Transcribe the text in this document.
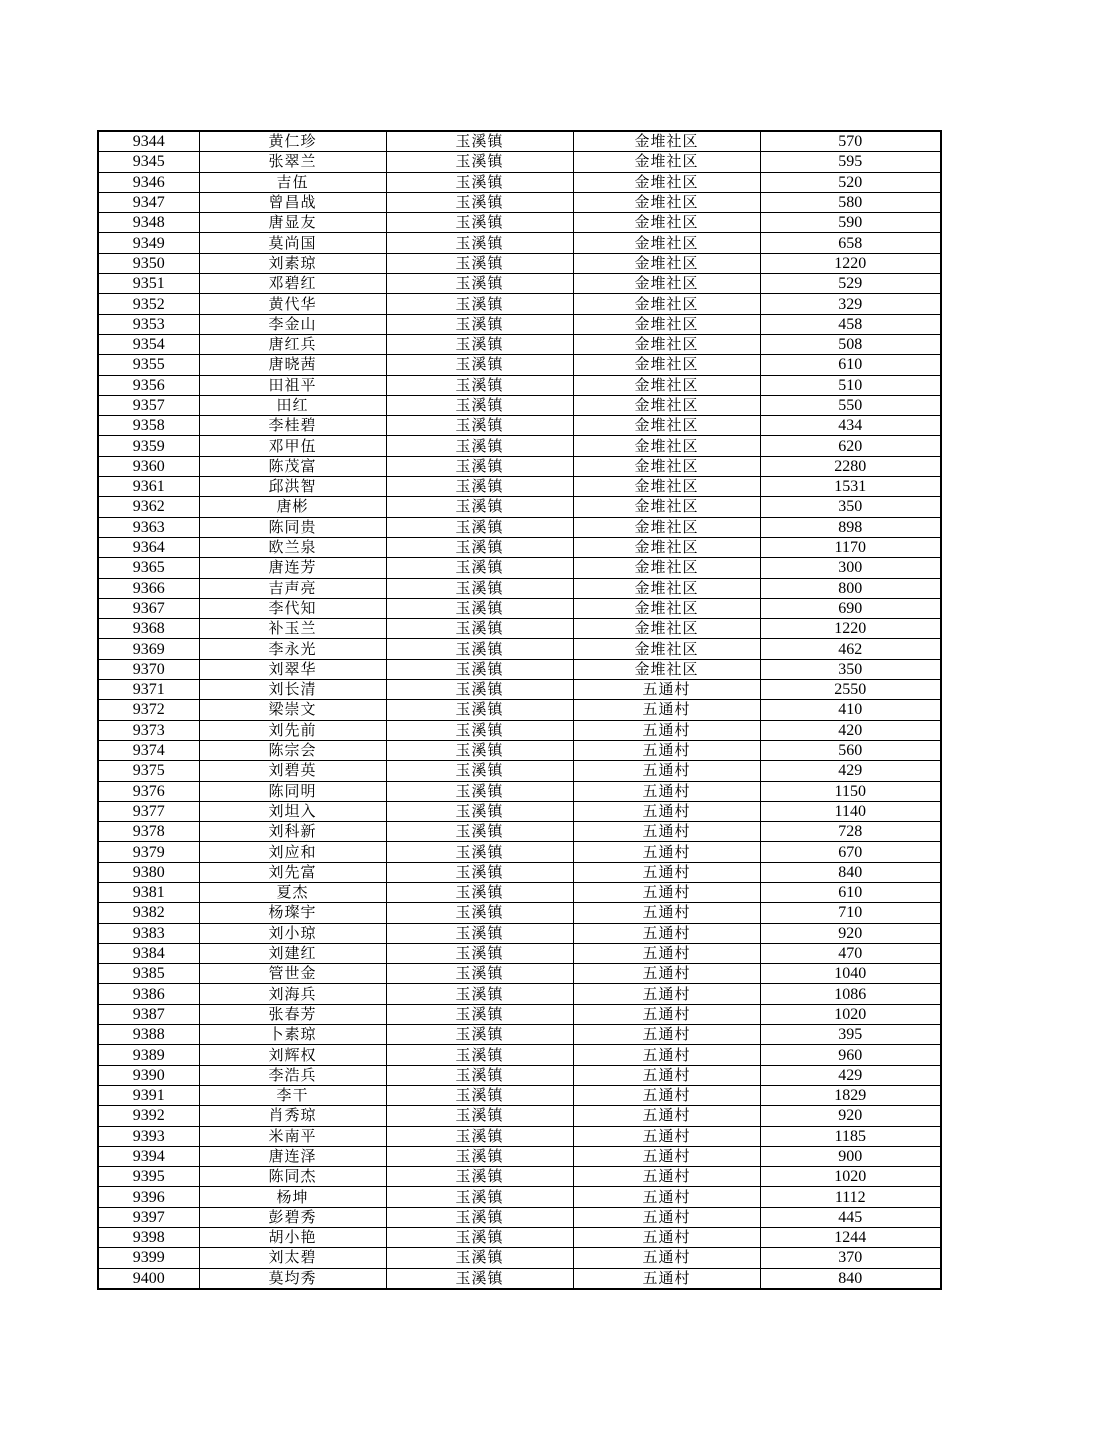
9344	黄仁珍	玉溪镇	金堆社区	570
9345	张翠兰	玉溪镇	金堆社区	595
9346	吉伍	玉溪镇	金堆社区	520
9347	曾昌战	玉溪镇	金堆社区	580
9348	唐显友	玉溪镇	金堆社区	590
9349	莫尚国	玉溪镇	金堆社区	658
9350	刘素琼	玉溪镇	金堆社区	1220
9351	邓碧红	玉溪镇	金堆社区	529
9352	黄代华	玉溪镇	金堆社区	329
9353	李金山	玉溪镇	金堆社区	458
9354	唐红兵	玉溪镇	金堆社区	508
9355	唐晓茜	玉溪镇	金堆社区	610
9356	田祖平	玉溪镇	金堆社区	510
9357	田红	玉溪镇	金堆社区	550
9358	李桂碧	玉溪镇	金堆社区	434
9359	邓甲伍	玉溪镇	金堆社区	620
9360	陈茂富	玉溪镇	金堆社区	2280
9361	邱洪智	玉溪镇	金堆社区	1531
9362	唐彬	玉溪镇	金堆社区	350
9363	陈同贵	玉溪镇	金堆社区	898
9364	欧兰泉	玉溪镇	金堆社区	1170
9365	唐连芳	玉溪镇	金堆社区	300
9366	吉声亮	玉溪镇	金堆社区	800
9367	李代知	玉溪镇	金堆社区	690
9368	补玉兰	玉溪镇	金堆社区	1220
9369	李永光	玉溪镇	金堆社区	462
9370	刘翠华	玉溪镇	金堆社区	350
9371	刘长清	玉溪镇	五通村	2550
9372	梁崇文	玉溪镇	五通村	410
9373	刘先前	玉溪镇	五通村	420
9374	陈宗会	玉溪镇	五通村	560
9375	刘碧英	玉溪镇	五通村	429
9376	陈同明	玉溪镇	五通村	1150
9377	刘坦入	玉溪镇	五通村	1140
9378	刘科新	玉溪镇	五通村	728
9379	刘应和	玉溪镇	五通村	670
9380	刘先富	玉溪镇	五通村	840
9381	夏杰	玉溪镇	五通村	610
9382	杨璨宇	玉溪镇	五通村	710
9383	刘小琼	玉溪镇	五通村	920
9384	刘建红	玉溪镇	五通村	470
9385	管世金	玉溪镇	五通村	1040
9386	刘海兵	玉溪镇	五通村	1086
9387	张春芳	玉溪镇	五通村	1020
9388	卜素琼	玉溪镇	五通村	395
9389	刘辉权	玉溪镇	五通村	960
9390	李浩兵	玉溪镇	五通村	429
9391	李干	玉溪镇	五通村	1829
9392	肖秀琼	玉溪镇	五通村	920
9393	米南平	玉溪镇	五通村	1185
9394	唐连泽	玉溪镇	五通村	900
9395	陈同杰	玉溪镇	五通村	1020
9396	杨坤	玉溪镇	五通村	1112
9397	彭碧秀	玉溪镇	五通村	445
9398	胡小艳	玉溪镇	五通村	1244
9399	刘太碧	玉溪镇	五通村	370
9400	莫均秀	玉溪镇	五通村	840
